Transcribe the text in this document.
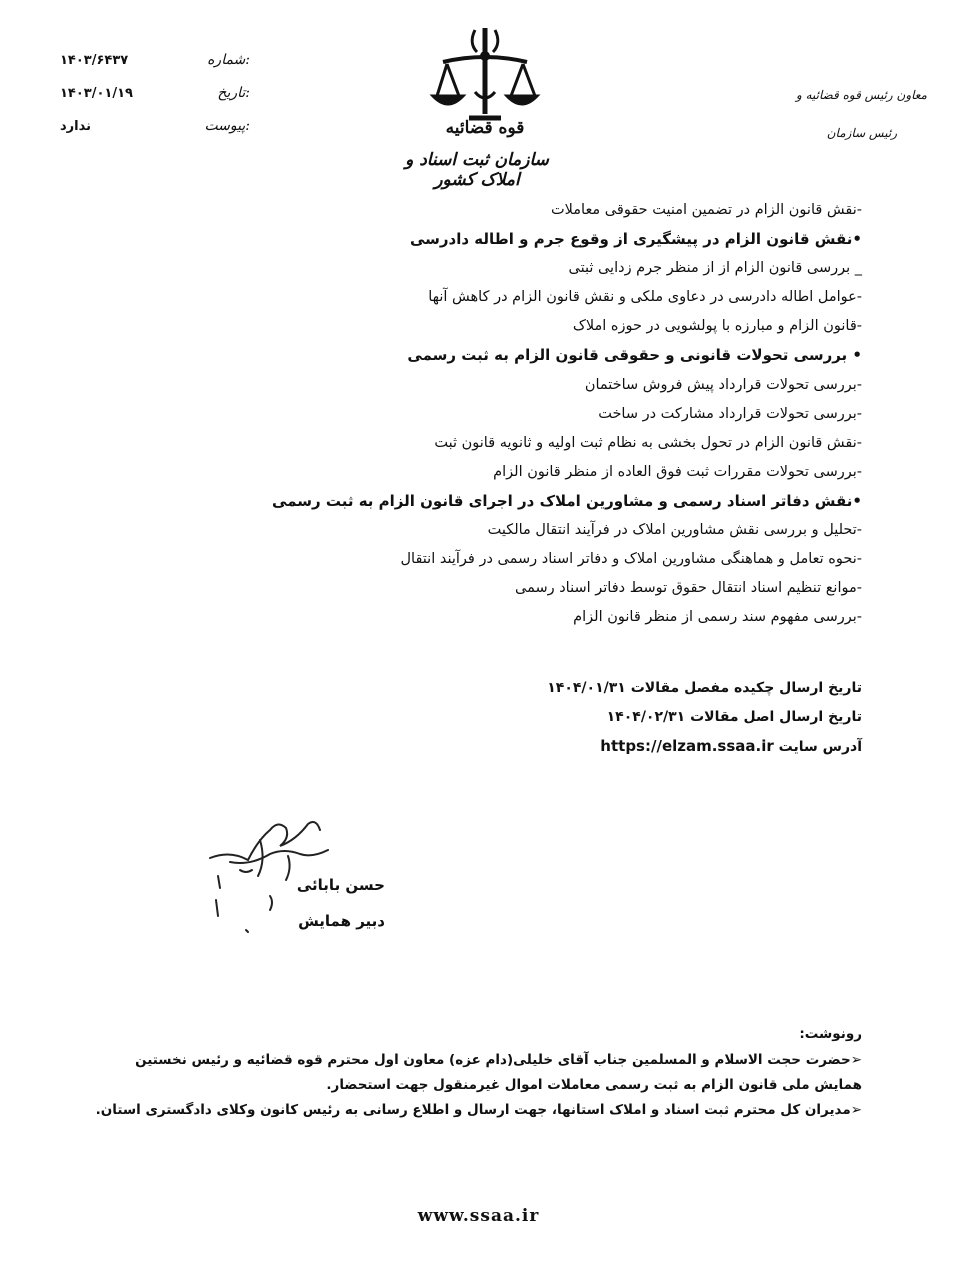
شماره:
۱۴۰۳/۶۴۳۷
تاریخ:
۱۴۰۳/۰۱/۱۹
پیوست:
ندارد	قوه قضائیه
سازمان ثبت اسناد و املاک کشور
معاون رئیس قوه قضائیه و
رئیس سازمان
-نقش قانون الزام در تضمین امنیت حقوقی معاملات
•نقش قانون الزام در پیشگیری از وقوع جرم و اطاله دادرسی
_ بررسی قانون الزام از از منظر جرم زدایی ثبتی
-عوامل اطاله دادرسی در دعاوی ملکی و نقش قانون الزام در کاهش آنها
-قانون الزام و مبارزه با پولشویی در حوزه املاک
• بررسی تحولات قانونی و حقوقی قانون الزام به ثبت رسمی
-بررسی تحولات قرارداد پیش فروش ساختمان
-بررسی تحولات قرارداد مشارکت در ساخت
-نقش قانون الزام در تحول بخشی به نظام ثبت اولیه و ثانویه قانون ثبت
-بررسی تحولات مقررات ثبت فوق العاده از منظر قانون الزام
•نقش دفاتر اسناد رسمی و مشاورین املاک در اجرای قانون الزام به ثبت رسمی
-تحلیل و بررسی نقش مشاورین املاک در فرآیند انتقال مالکیت
-نحوه تعامل و هماهنگی مشاورین املاک و دفاتر اسناد رسمی در فرآیند انتقال
-موانع تنظیم اسناد انتقال حقوق توسط دفاتر اسناد رسمی
-بررسی مفهوم سند رسمی از منظر قانون الزام
تاریخ ارسال چکیده مفصل مقالات ۱۴۰۴/۰۱/۳۱
تاریخ ارسال اصل مقالات ۱۴۰۴/۰۲/۳۱
آدرس سایت https://elzam.ssaa.ir
حسن بابائی
دبیر همایش
رونوشت:
➢حضرت حجت الاسلام و المسلمین جناب آقای خلیلی(دام عزه) معاون اول محترم قوه قضائیه و رئیس نخستین همایش ملی قانون الزام به ثبت رسمی معاملات اموال غیرمنقول جهت استحضار.
➢مدیران کل محترم ثبت اسناد و املاک استانها، جهت ارسال و اطلاع رسانی به رئیس کانون وکلای دادگستری استان.
www.ssaa.ir
